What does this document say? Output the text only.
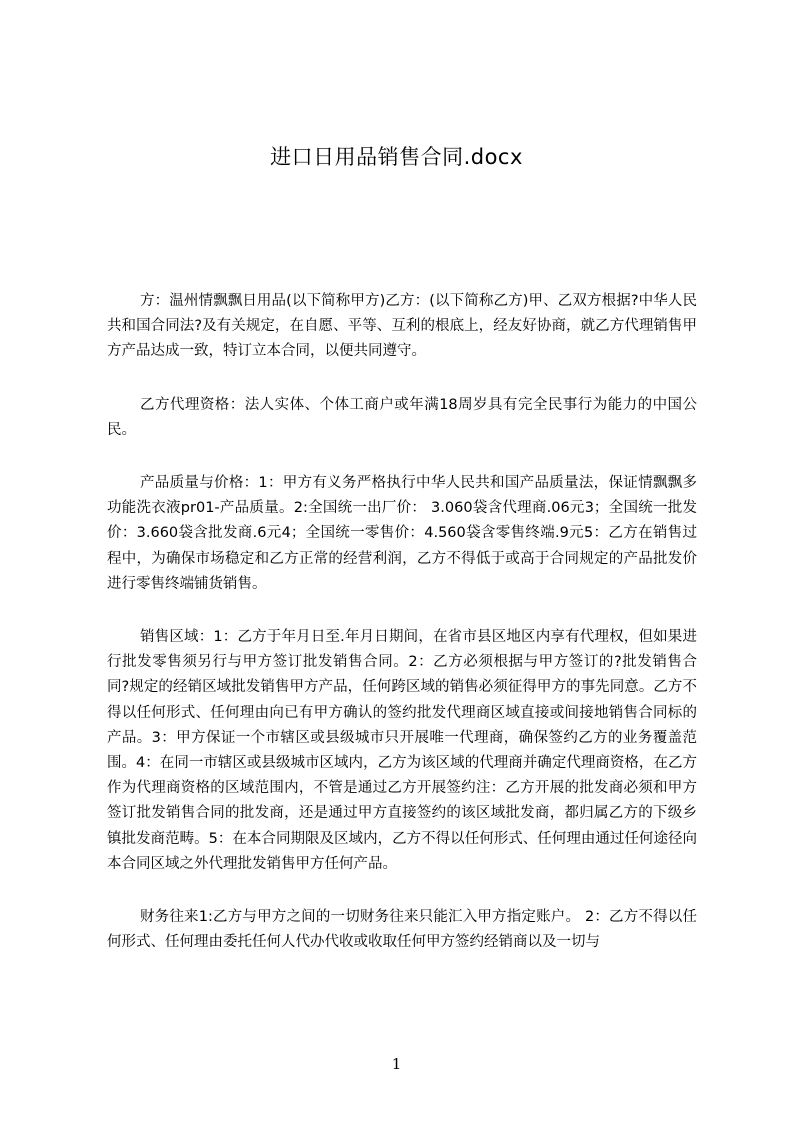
进口日用品销售合同.docx

方：温州情飘飘日用品(以下简称甲方)乙方：(以下简称乙方)甲、乙双方根据?中华人民共和国合同法?及有关规定，在自愿、平等、互利的根底上，经友好协商，就乙方代理销售甲方产品达成一致，特订立本合同，以便共同遵守。

乙方代理资格：法人实体、个体工商户或年满18周岁具有完全民事行为能力的中国公民。

产品质量与价格：1：甲方有义务严格执行中华人民共和国产品质量法，保证情飘飘多功能洗衣液pr01-产品质量。2:全国统一出厂价： 3.060袋含代理商.06元3；全国统一批发价：3.660袋含批发商.6元4；全国统一零售价：4.560袋含零售终端.9元5：乙方在销售过程中，为确保市场稳定和乙方正常的经营利润，乙方不得低于或高于合同规定的产品批发价进行零售终端铺货销售。

销售区域：1：乙方于年月日至.年月日期间，在省市县区地区内享有代理权，但如果进行批发零售须另行与甲方签订批发销售合同。2：乙方必须根据与甲方签订的?批发销售合同?规定的经销区域批发销售甲方产品，任何跨区域的销售必须征得甲方的事先同意。乙方不得以任何形式、任何理由向已有甲方确认的签约批发代理商区域直接或间接地销售合同标的产品。3：甲方保证一个市辖区或县级城市只开展唯一代理商，确保签约乙方的业务覆盖范围。4：在同一市辖区或县级城市区域内，乙方为该区域的代理商并确定代理商资格，在乙方作为代理商资格的区域范围内，不管是通过乙方开展签约注：乙方开展的批发商必须和甲方签订批发销售合同的批发商，还是通过甲方直接签约的该区域批发商，都归属乙方的下级乡镇批发商范畴。5：在本合同期限及区域内，乙方不得以任何形式、任何理由通过任何途径向本合同区域之外代理批发销售甲方任何产品。

财务往来1:乙方与甲方之间的一切财务往来只能汇入甲方指定账户。 2：乙方不得以任何形式、任何理由委托任何人代办代收或收取任何甲方签约经销商以及一切与

1
